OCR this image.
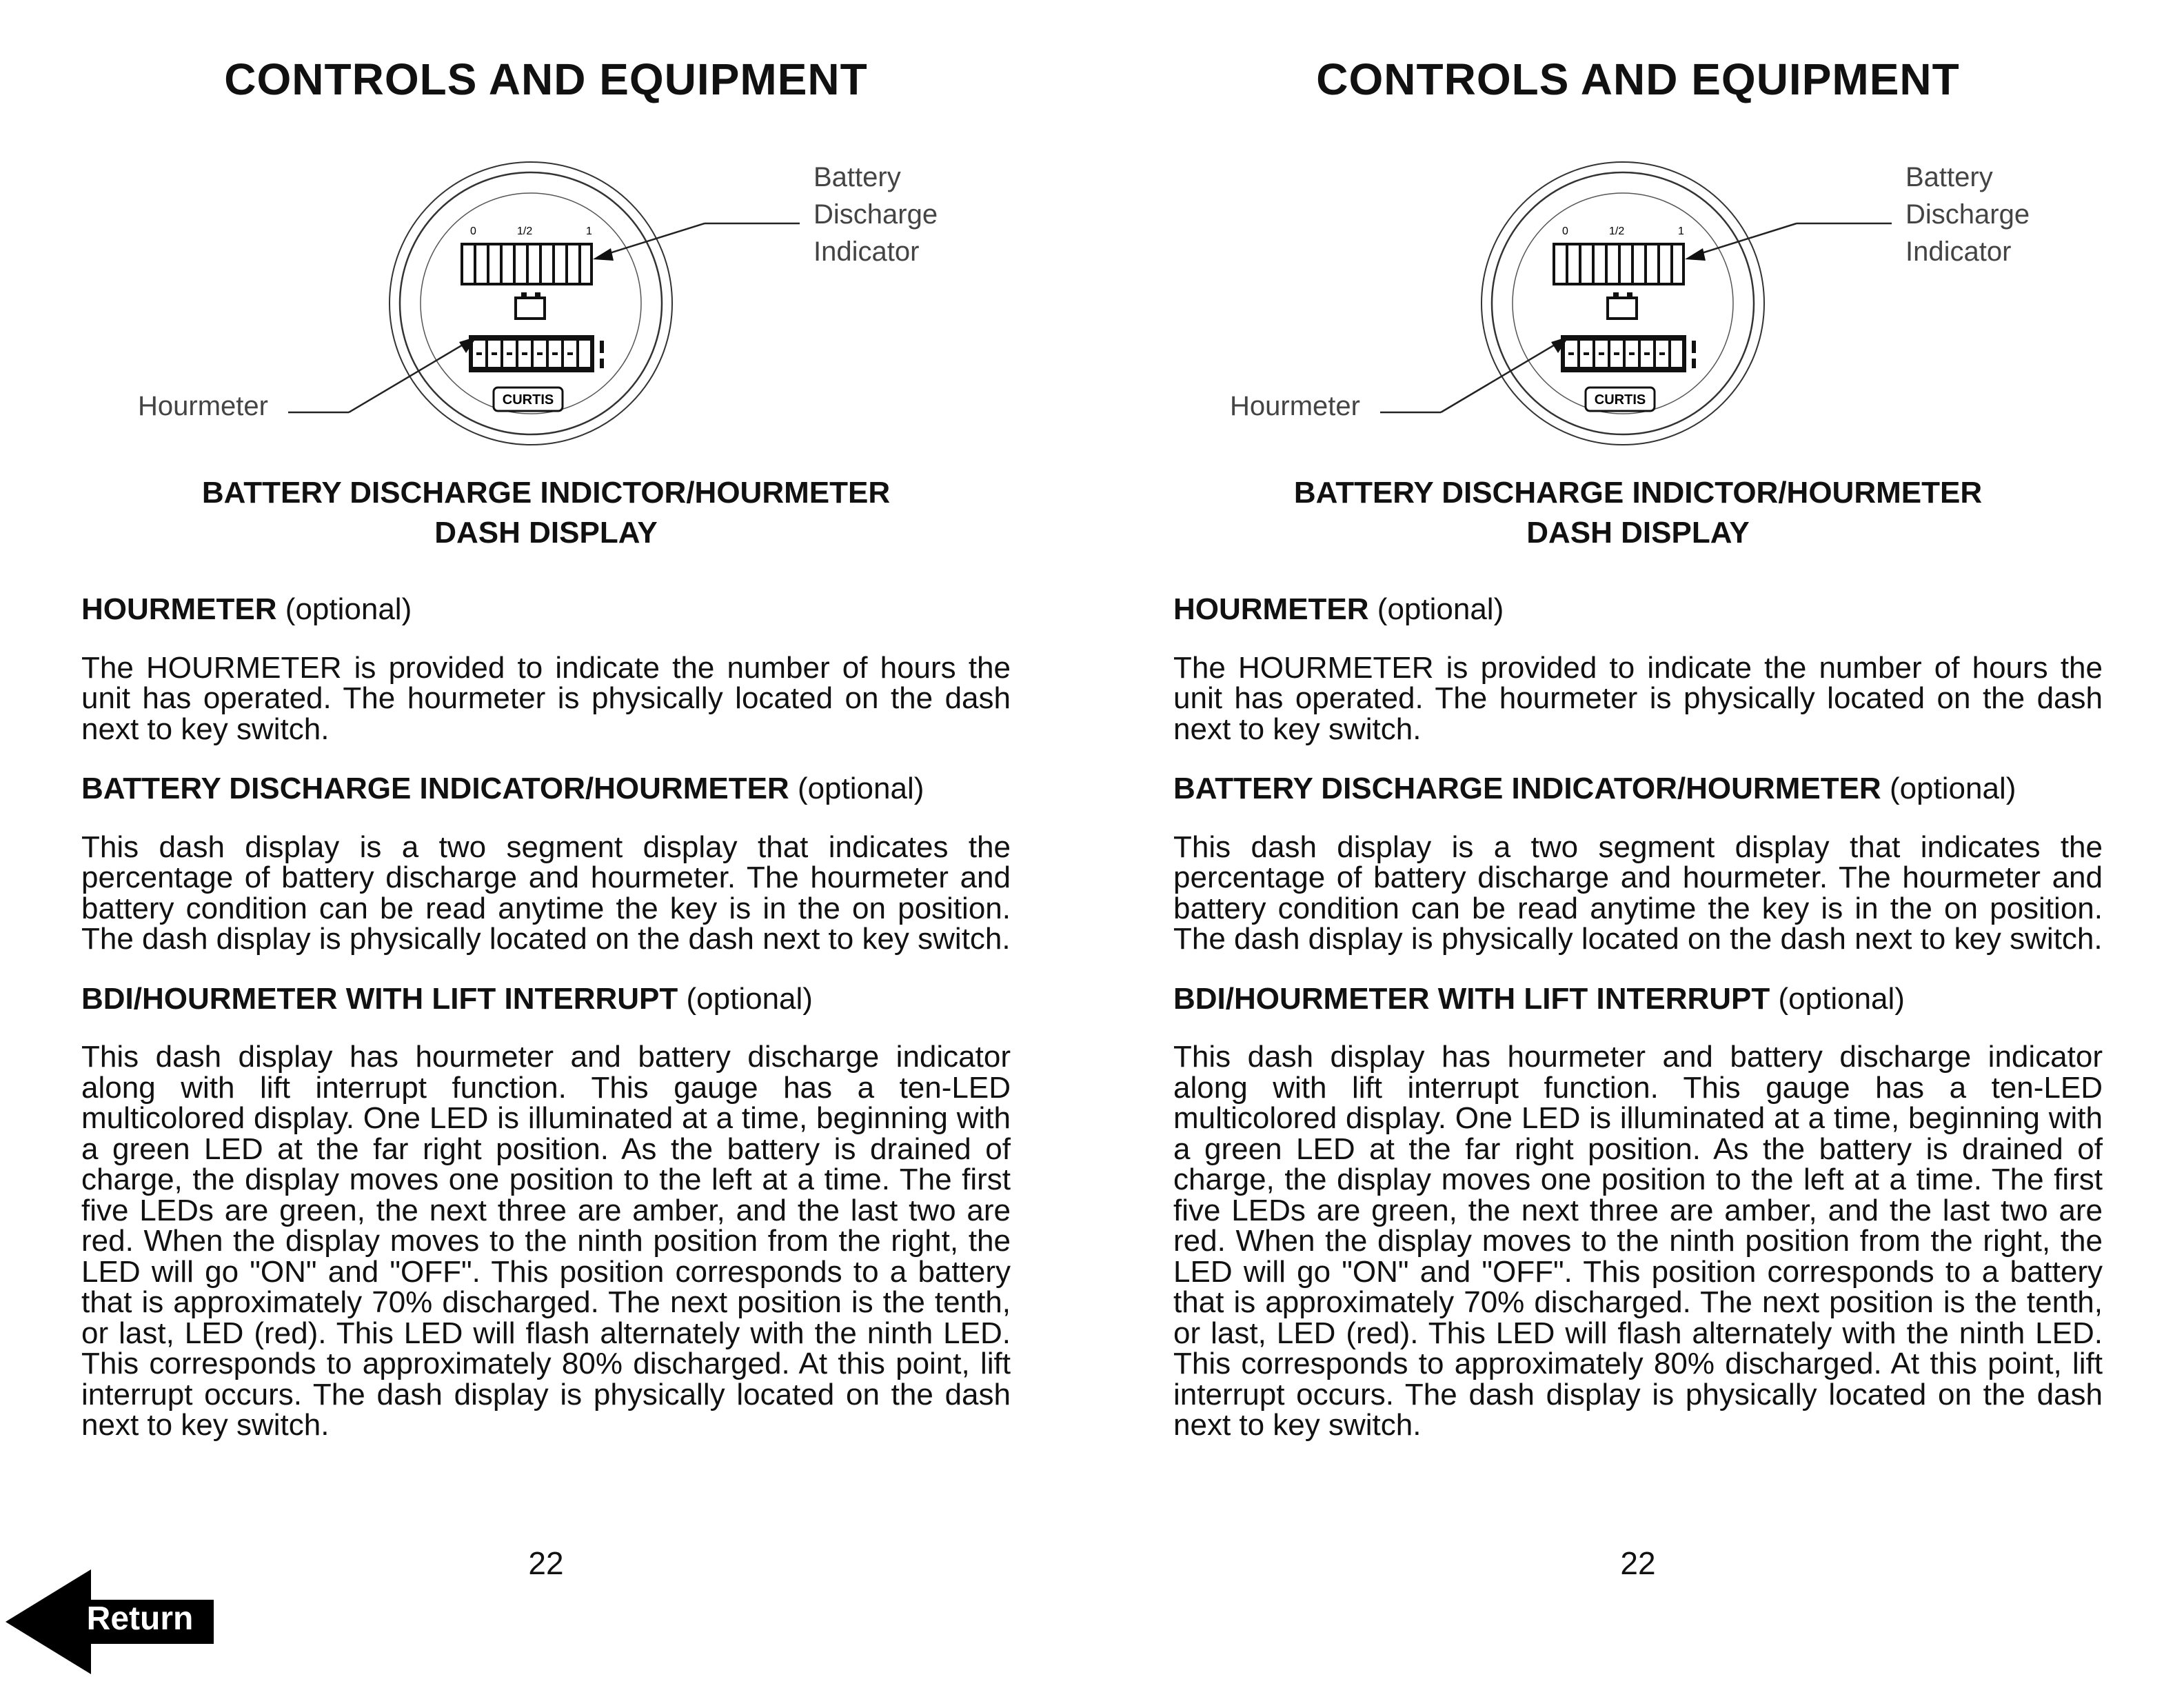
CONTROLS AND EQUIPMENT
0	1/2	1
CURTIS
Battery
Discharge
Indicator
Hourmeter
BATTERY DISCHARGE INDICTOR/HOURMETER
DASH DISPLAY
HOURMETER (optional)

The HOURMETER is provided to indicate the number of hours the unit has operated. The hourmeter is physically located on the dash next to key switch.

BATTERY DISCHARGE INDICATOR/HOURMETER (optional)

This dash display is a two segment display that indicates the percentage of battery discharge and hourmeter. The hourmeter and battery condition can be read anytime the key is in the on position. The dash display is physically located on the dash next to key switch.

BDI/HOURMETER WITH LIFT INTERRUPT (optional)

This dash display has hourmeter and battery discharge indicator along with lift interrupt function. This gauge has a ten-LED multicolored display. One LED is illuminated at a time, beginning with a green LED at the far right position. As the battery is drained of charge, the display moves one position to the left at a time. The first five LEDs are green, the next three are amber, and the last two are red. When the display moves to the ninth position from the right, the LED will go "ON" and "OFF". This position corresponds to a battery that is approximately 70% discharged. The next position is the tenth, or last, LED (red). This LED will flash alternately with the ninth LED. This corresponds to approximately 80% discharged. At this point, lift interrupt occurs. The dash display is physically located on the dash next to key switch.

22
Return
CONTROLS AND EQUIPMENT
0	1/2	1
CURTIS
Battery
Discharge
Indicator
Hourmeter
BATTERY DISCHARGE INDICTOR/HOURMETER
DASH DISPLAY
HOURMETER (optional)

The HOURMETER is provided to indicate the number of hours the unit has operated. The hourmeter is physically located on the dash next to key switch.

BATTERY DISCHARGE INDICATOR/HOURMETER (optional)

This dash display is a two segment display that indicates the percentage of battery discharge and hourmeter. The hourmeter and battery condition can be read anytime the key is in the on position. The dash display is physically located on the dash next to key switch.

BDI/HOURMETER WITH LIFT INTERRUPT (optional)

This dash display has hourmeter and battery discharge indicator along with lift interrupt function. This gauge has a ten-LED multicolored display. One LED is illuminated at a time, beginning with a green LED at the far right position. As the battery is drained of charge, the display moves one position to the left at a time. The first five LEDs are green, the next three are amber, and the last two are red. When the display moves to the ninth position from the right, the LED will go "ON" and "OFF". This position corresponds to a battery that is approximately 70% discharged. The next position is the tenth, or last, LED (red). This LED will flash alternately with the ninth LED. This corresponds to approximately 80% discharged. At this point, lift interrupt occurs. The dash display is physically located on the dash next to key switch.

22
